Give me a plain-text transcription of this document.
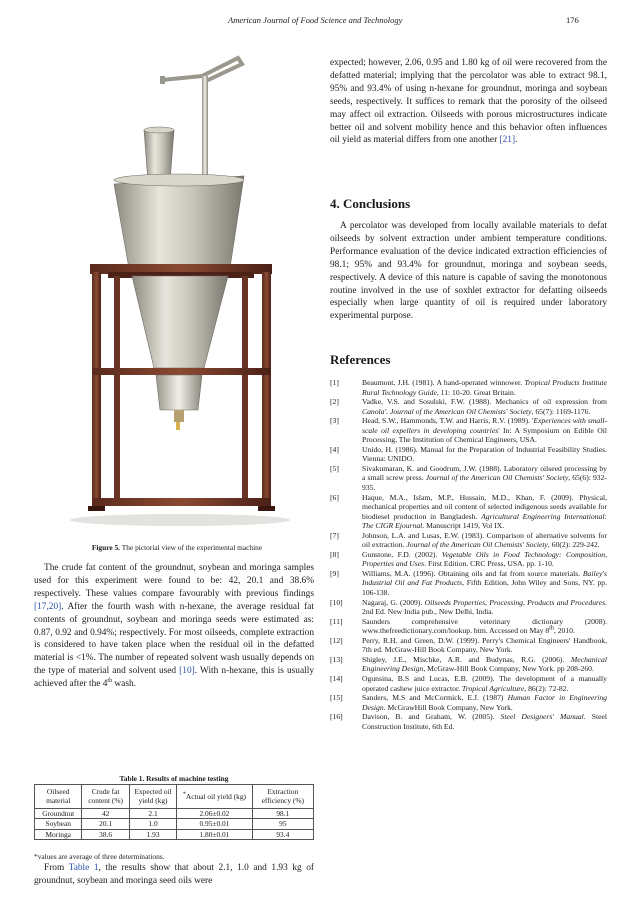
American Journal of Food Science and Technology	176
Figure 5. The pictorial view of the experimental machine

The crude fat content of the groundnut, soybean and moringa samples used for this experiment were found to be: 42, 20.1 and 38.6% respectively. These values compare favourably with previous findings [17,20]. After the fourth wash with n-hexane, the average residual fat contents of groundnut, soybean and moringa seeds were estimated as: 0.87, 0.92 and 0.94%; respectively. For most oilseeds, complete extraction is considered to have taken place when the residual oil in the defatted material is <1%. The number of repeated solvent wash usually depends on the type of material and solvent used [10]. With n-hexane, this is usually achieved after the 4th wash.

Table 1. Results of machine testing
Oilseed material	Crude fat content (%)	Expected oil yield (kg)	*Actual oil yield (kg)	Extraction efficiency (%)
Groundnut	42	2.1	2.06±0.02	98.1
Soybean	20.1	1.0	0.95±0.01	95
Moringa	38.6	1.93	1.80±0.01	93.4
*values are average of three determinations.

From Table 1, the results show that about 2.1, 1.0 and 1.93 kg of groundnut, soybean and moringa seed oils were

expected; however, 2.06, 0.95 and 1.80 kg of oil were recovered from the defatted material; implying that the percolator was able to extract 98.1, 95% and 93.4% of using n-hexane for groundnut, moringa and soybean seeds, respectively. It suffices to remark that the porosity of the oilseed may affect oil extraction. Oilseeds with porous microstructures indicate better oil and solvent mobility hence and this behavior often influences oil yield as material differs from one another [21].

4. Conclusions

A percolator was developed from locally available materials to defat oilseeds by solvent extraction under ambient temperature conditions. Performance evaluation of the device indicated extraction efficiencies of 98.1; 95% and 93.4% for groundnut, moringa and soybean seeds, respectively. A device of this nature is capable of saving the monotonous routine involved in the use of soxhlet extractor for defatting oilseeds especially when large quantity of oil is required under laboratory experimental purpose.

References
[1]	Beaumont, J.H. (1981). A hand-operated winnower. Tropical Products Institute Rural Technology Guide, 11: 10-20. Great Britain.
[2]	Vadke, V.S. and Sosulski, F.W. (1988). Mechanics of oil expression from Canola'. Journal of the American Oil Chemists' Society, 65(7): 1169-1176.
[3]	Head, S.W., Hammonds, T.W. and Harris, R.V. (1989). 'Experiences with small-scale oil expellers in developing countries' In: A Symposium on Edible Oil Processing, The Institution of Chemical Engineers, USA.
[4]	Unido, H. (1986). Manual for the Preparation of Industrial Feasibility Studies. Vienna: UNIDO.
[5]	Sivakumaran, K. and Goodrum, J.W. (1988). Laboratory oilseed processing by a small screw press. Journal of the American Oil Chemists' Society, 65(6): 932-935.
[6]	Haque, M.A., Islam, M.P., Hussain, M.D., Khan, F. (2009). Physical, mechanical properties and oil content of selected indigenous seeds available for biodiesel production in Bangladesh. Agricultural Engineering International: The CIGR Ejournal. Manuscript 1419, Vol IX.
[7]	Johnson, L.A. and Lusas, E.W. (1983). Comparison of alternative solvents for oil extraction. Journal of the American Oil Chemists' Society, 60(2): 229-242.
[8]	Gunstone, F.D. (2002). Vegetable Oils in Food Technology: Composition, Properties and Uses. First Edition. CRC Press, USA. pp. 1-10.
[9]	Williams, M.A. (1996). Obtaining oils and fat from source materials. Bailey's Industrial Oil and Fat Products, Fifth Edition, John Wiley and Sons, NY. pp. 106-138.
[10]	Nagaraj, G. (2009). Oilseeds Properties, Processing, Products and Procedures. 2nd Ed. New India pub., New Delhi, India.
[11]	Saunders comprehensive veterinary dictionary (2008). www.thefreedictionary.com/lookup. htm. Accessed on May 8th, 2010.
[12]	Perry, R.H. and Green, D.W. (1999). Perry's Chemical Engineers' Handbook, 7th ed. McGraw-Hill Book Company, New York.
[13]	Shigley, J.E., Mischke, A.R. and Budynas, R.G. (2006). Mechanical Engineering Design, McGraw-Hill Book Company, New York. pp 208-260.
[14]	Ogunsina, B.S and Lucas, E.B. (2009). The development of a manually operated cashew juice extractor. Tropical Agriculture, 86(2): 72-82.
[15]	Sanders, M.S and McCormick, E.J. (1987) Human Factor in Engineering Design. McGrawHill Book Company, New York.
[16]	Davison, B. and Graham, W. (2005). Steel Designers' Manual. Steel Construction Institute, 6th Ed.
